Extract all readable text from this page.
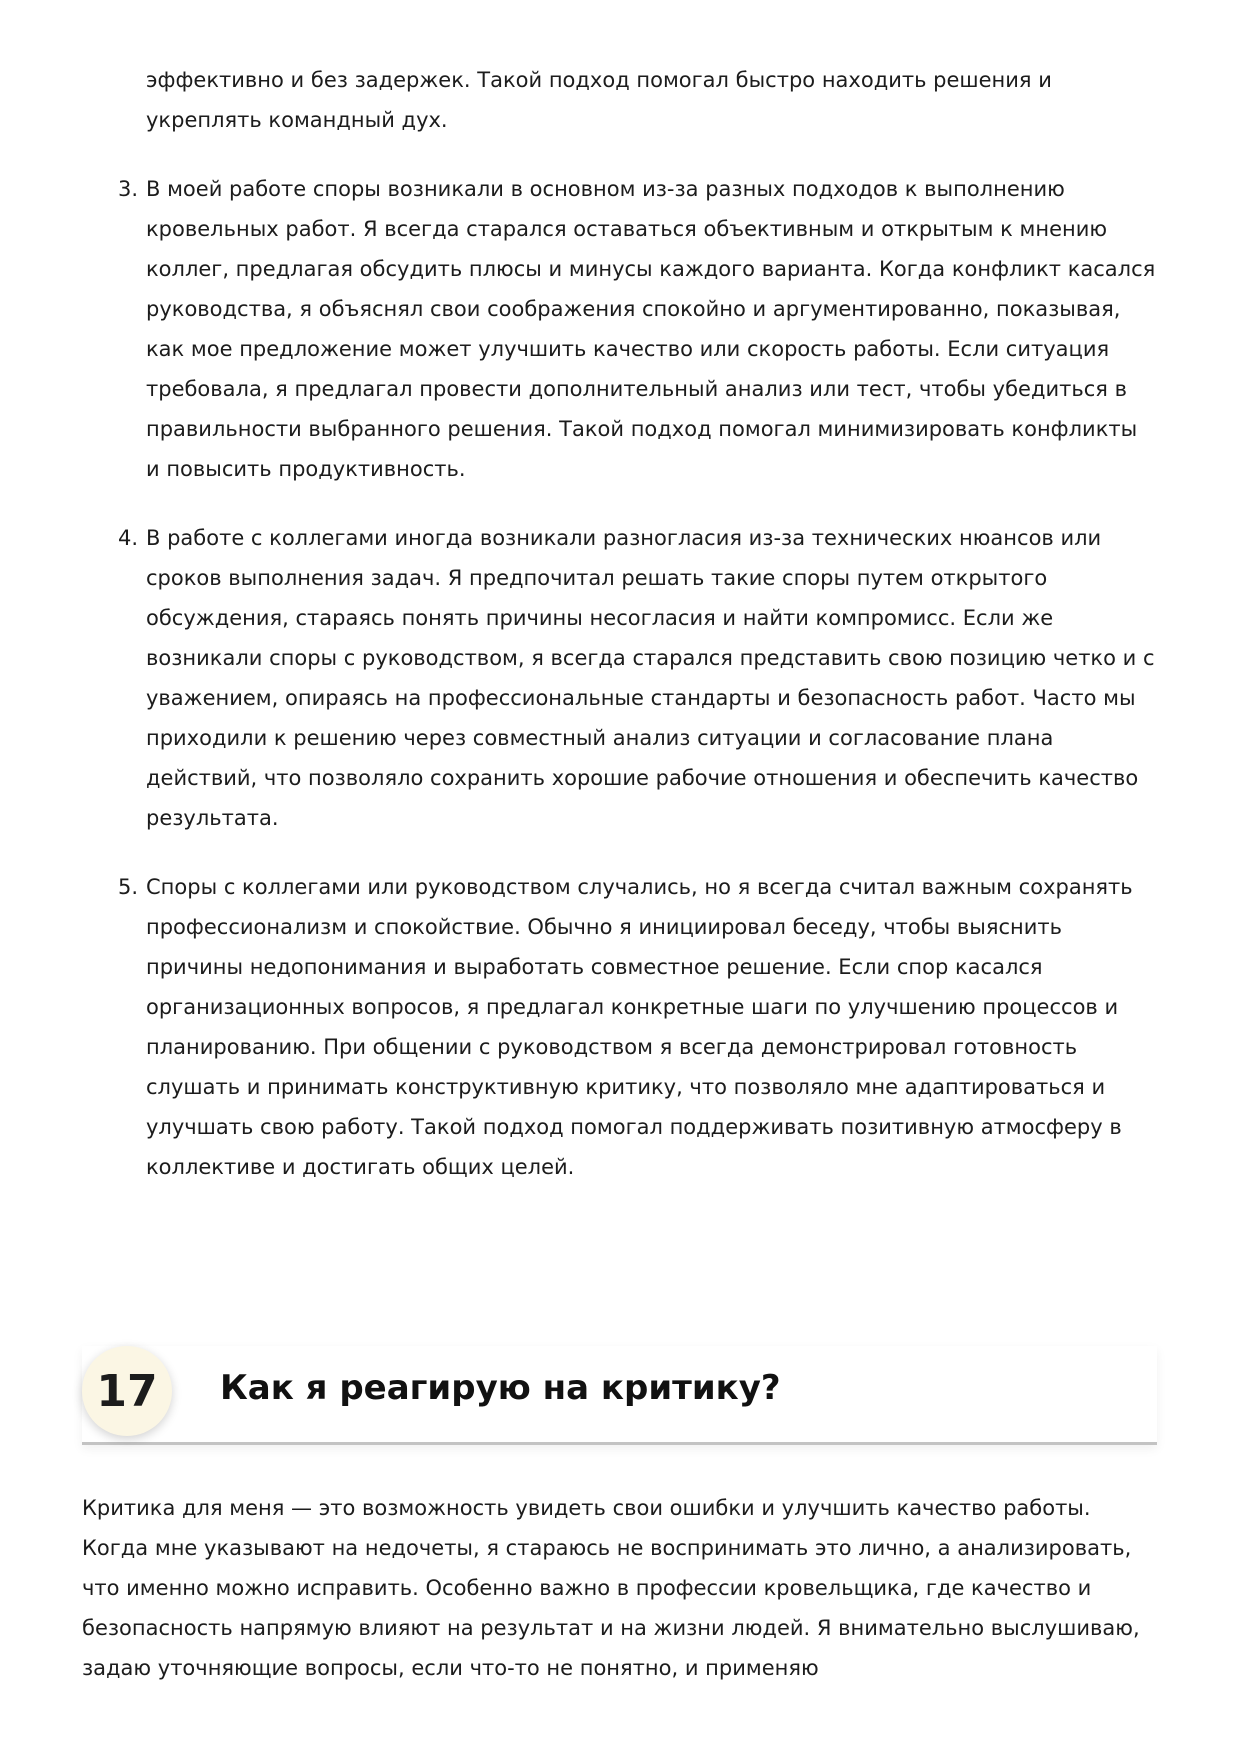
эффективно и без задержек. Такой подход помогал быстро находить решения и укреплять командный дух.
3. В моей работе споры возникали в основном из-за разных подходов к выполнению кровельных работ. Я всегда старался оставаться объективным и открытым к мнению коллег, предлагая обсудить плюсы и минусы каждого варианта. Когда конфликт касался руководства, я объяснял свои соображения спокойно и аргументированно, показывая, как мое предложение может улучшить качество или скорость работы. Если ситуация требовала, я предлагал провести дополнительный анализ или тест, чтобы убедиться в правильности выбранного решения. Такой подход помогал минимизировать конфликты и повысить продуктивность.
4. В работе с коллегами иногда возникали разногласия из-за технических нюансов или сроков выполнения задач. Я предпочитал решать такие споры путем открытого обсуждения, стараясь понять причины несогласия и найти компромисс. Если же возникали споры с руководством, я всегда старался представить свою позицию четко и с уважением, опираясь на профессиональные стандарты и безопасность работ. Часто мы приходили к решению через совместный анализ ситуации и согласование плана действий, что позволяло сохранить хорошие рабочие отношения и обеспечить качество результата.
5. Споры с коллегами или руководством случались, но я всегда считал важным сохранять профессионализм и спокойствие. Обычно я инициировал беседу, чтобы выяснить причины недопонимания и выработать совместное решение. Если спор касался организационных вопросов, я предлагал конкретные шаги по улучшению процессов и планированию. При общении с руководством я всегда демонстрировал готовность слушать и принимать конструктивную критику, что позволяло мне адаптироваться и улучшать свою работу. Такой подход помогал поддерживать позитивную атмосферу в коллективе и достигать общих целей.
17	Как я реагирую на критику?

Критика для меня — это возможность увидеть свои ошибки и улучшить качество работы. Когда мне указывают на недочеты, я стараюсь не воспринимать это лично, а анализировать, что именно можно исправить. Особенно важно в профессии кровельщика, где качество и безопасность напрямую влияют на результат и на жизни людей. Я внимательно выслушиваю, задаю уточняющие вопросы, если что-то не понятно, и применяю
